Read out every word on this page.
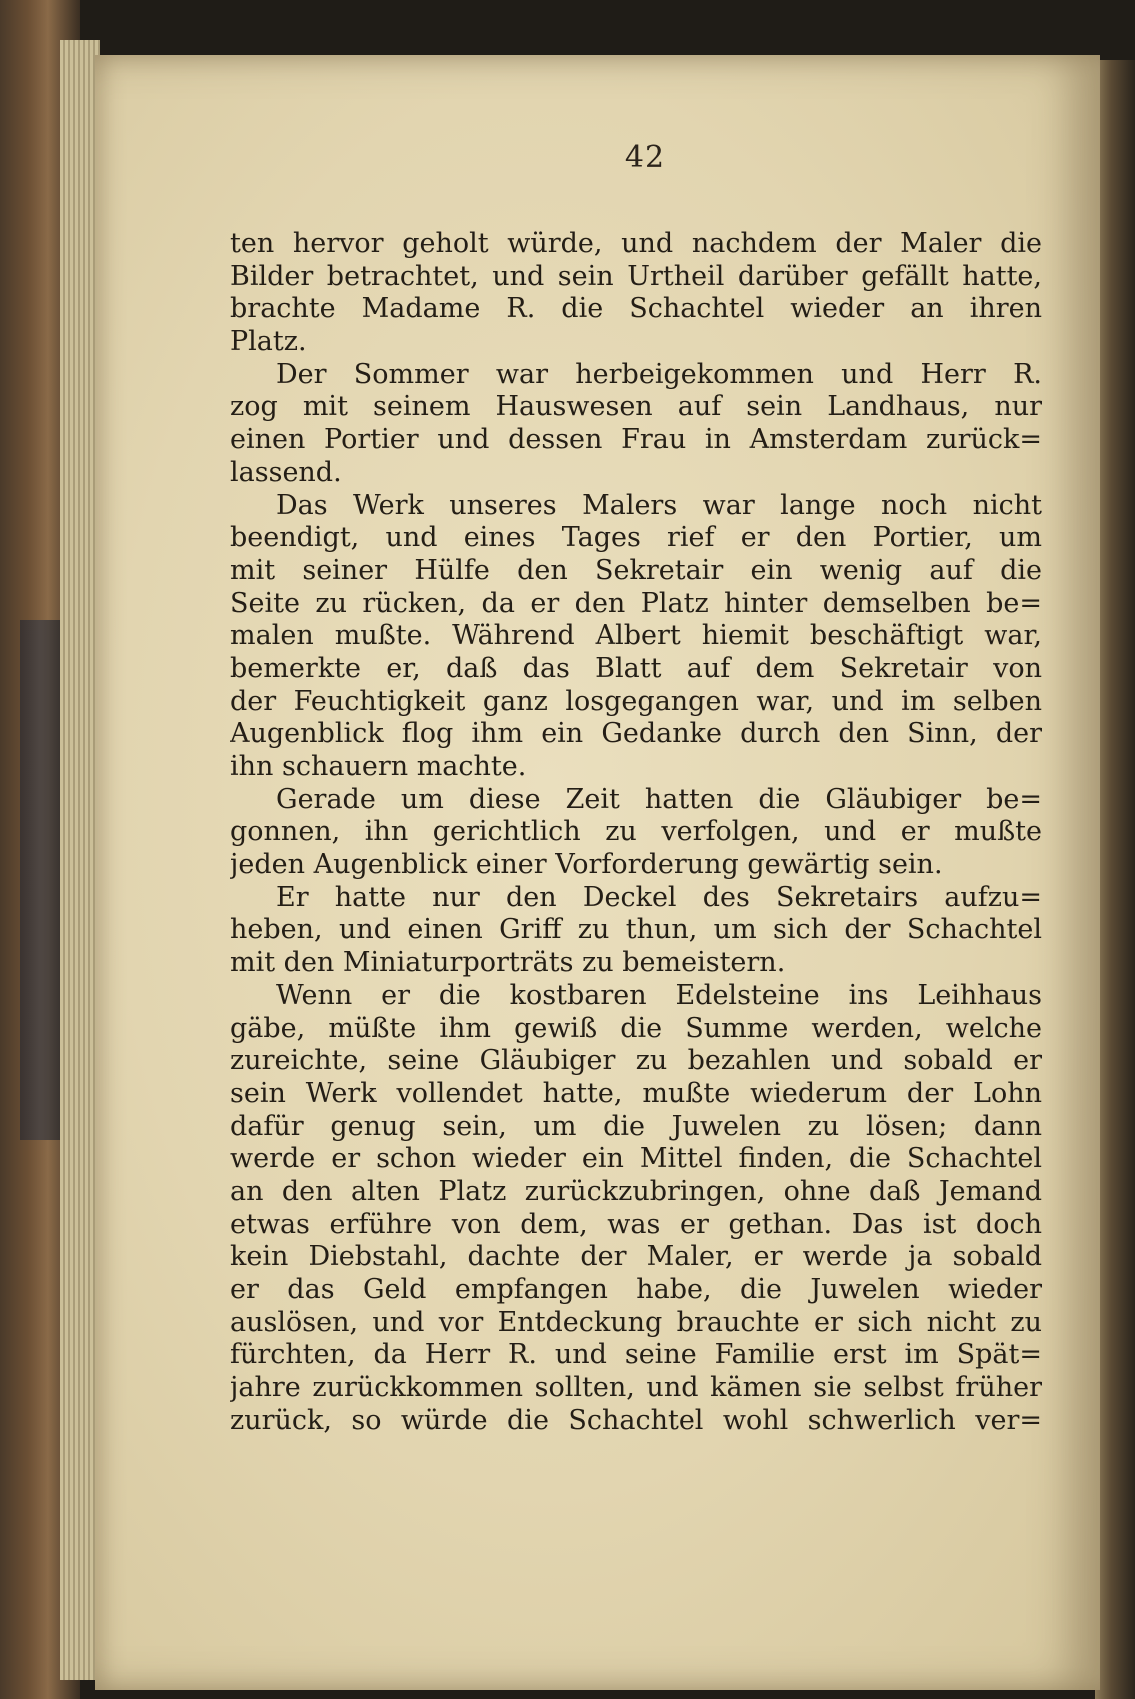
42
ten hervor geholt würde, und nachdem der Maler die
Bilder betrachtet, und sein Urtheil darüber gefällt hatte,
brachte Madame R. die Schachtel wieder an ihren
Platz.
Der Sommer war herbeigekommen und Herr R.
zog mit seinem Hauswesen auf sein Landhaus, nur
einen Portier und dessen Frau in Amsterdam zurück=
lassend.
Das Werk unseres Malers war lange noch nicht
beendigt, und eines Tages rief er den Portier, um
mit seiner Hülfe den Sekretair ein wenig auf die
Seite zu rücken, da er den Platz hinter demselben be=
malen mußte. Während Albert hiemit beschäftigt war,
bemerkte er, daß das Blatt auf dem Sekretair von
der Feuchtigkeit ganz losgegangen war, und im selben
Augenblick flog ihm ein Gedanke durch den Sinn, der
ihn schauern machte.
Gerade um diese Zeit hatten die Gläubiger be=
gonnen, ihn gerichtlich zu verfolgen, und er mußte
jeden Augenblick einer Vorforderung gewärtig sein.
Er hatte nur den Deckel des Sekretairs aufzu=
heben, und einen Griff zu thun, um sich der Schachtel
mit den Miniaturporträts zu bemeistern.
Wenn er die kostbaren Edelsteine ins Leihhaus
gäbe, müßte ihm gewiß die Summe werden, welche
zureichte, seine Gläubiger zu bezahlen und sobald er
sein Werk vollendet hatte, mußte wiederum der Lohn
dafür genug sein, um die Juwelen zu lösen; dann
werde er schon wieder ein Mittel finden, die Schachtel
an den alten Platz zurückzubringen, ohne daß Jemand
etwas erführe von dem, was er gethan. Das ist doch
kein Diebstahl, dachte der Maler, er werde ja sobald
er das Geld empfangen habe, die Juwelen wieder
auslösen, und vor Entdeckung brauchte er sich nicht zu
fürchten, da Herr R. und seine Familie erst im Spät=
jahre zurückkommen sollten, und kämen sie selbst früher
zurück, so würde die Schachtel wohl schwerlich ver=
